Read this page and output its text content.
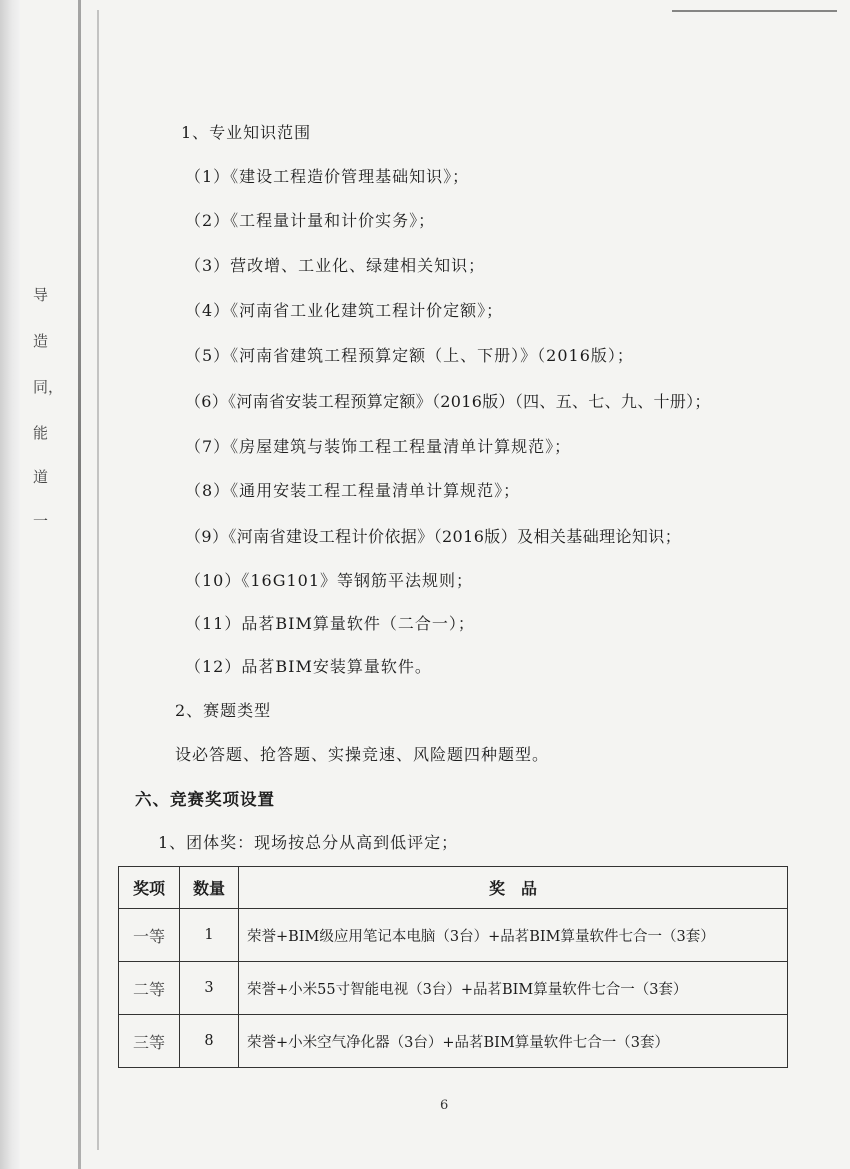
导
造
同，
能
道
一
1、专业知识范围
（1）《建设工程造价管理基础知识》；
（2）《工程量计量和计价实务》；
（3）营改增、工业化、绿建相关知识；
（4）《河南省工业化建筑工程计价定额》；
（5）《河南省建筑工程预算定额（上、下册）》（2016版）；
（6）《河南省安装工程预算定额》（2016版）（四、五、七、九、十册）；
（7）《房屋建筑与装饰工程工程量清单计算规范》；
（8）《通用安装工程工程量清单计算规范》；
（9）《河南省建设工程计价依据》（2016版）及相关基础理论知识；
（10）《16G101》等钢筋平法规则；
（11）品茗BIM算量软件（二合一）；
（12）品茗BIM安装算量软件。
2、赛题类型
设必答题、抢答题、实操竞速、风险题四种题型。
六、竞赛奖项设置
1、团体奖：现场按总分从高到低评定；
奖项	数量	奖　品
一等	1	荣誉+BIM级应用笔记本电脑（3台）+品茗BIM算量软件七合一（3套）
二等	3	荣誉+小米55寸智能电视（3台）+品茗BIM算量软件七合一（3套）
三等	8	荣誉+小米空气净化器（3台）+品茗BIM算量软件七合一（3套）
6
